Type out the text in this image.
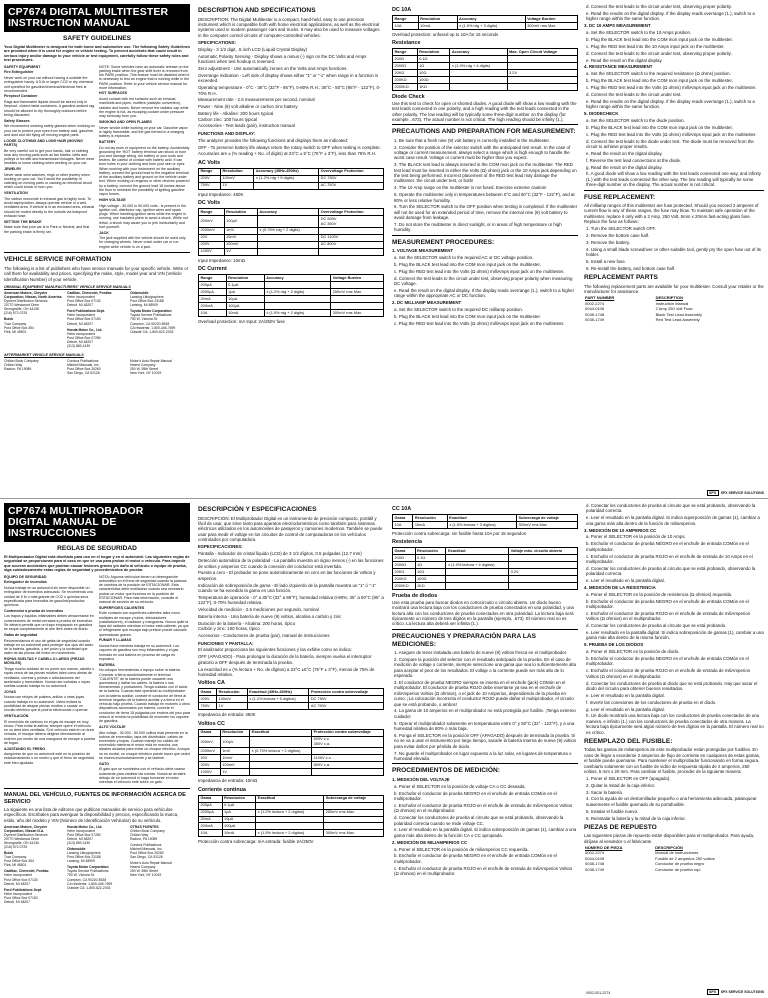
CP7674 DIGITAL MULTITESTER INSTRUCTION MANUAL
SAFETY GUIDELINES

Your Digital Multitester is designed for both home and automotive use. The following Safety Guidelines are provided when it is used for engine or vehicle testing. To prevent accidents that could result in serious injury and/or damage to your vehicle or test equipment, carefully follow these safety rules and test procedures.

SAFETY EQUIPMENT

Fire Extinguisher

Never work on your car without having a suitable fire extinguisher handy. A 5-lb or larger CO2 or dry chemical unit specified for gasoline/chemical/electrical fires is recommended.

Fireproof Container

Rags and flammable liquids should be stored only in fireproof, closed metal containers. A gasoline-soaked rag should be allowed to dry thoroughly outdoors before being discarded.

Safety Glasses

We recommend wearing safety glasses when working on your car to protect your eyes from battery acid, gasoline, and dust and dirt flying off moving engine parts.

LOOSE CLOTHING AND LONG HAIR (MOVING PARTS)

Be very careful not to get your hands, hair or clothing near any moving parts such as fan blades, belts and pulleys or throttle and transmission linkages. Never wear neckties or loose clothing when working on your car.

JEWELRY

Never wear wrist watches, rings or other jewelry when working on your car. You'll avoid the possibility of catching on moving parts or causing an electrical circuit which could shock or burn you.

VENTILATION

The carbon monoxide in exhaust gas is highly toxic. To avoid asphyxiation, always operate vehicle in a well-ventilated area. If vehicle is in an enclosed area, exhaust should be routed directly to the outside via leakproof exhaust hose.

SETTING THE BRAKE

Make sure that your car is in Park or Neutral, and that the parking brake is firmly set.

NOTE: Some vehicles have an automatic release on the parking brake when the gear shift lever is removed from the PARK position. This feature must be disabled when it is necessary to test an engine that is running while in the PARK position. Refer to your vehicle service manual for more information.

HOT SURFACES

Avoid contact with hot surfaces such as exhaust manifolds and pipes, mufflers (catalytic converters), radiator and hoses. Never remove the radiator cap while the engine is hot, as escaping coolant under pressure may seriously burn you.

SMOKING AND OPEN FLAMES

Never smoke while working on your car. Gasoline vapor is highly flammable, and the gas formed in a charging battery is explosive.

BATTERY

Do not lay tools or equipment on the battery. Accidentally grounding the 'HOT' battery terminal can shock or burn you and damage wiring, the battery or your tools and testers. Be careful of contact with battery acid. It can burn holes in your clothing and burn your skin or eyes. When working with your instrument on the auxiliary battery, connect the ground lead to the negative terminal of the auxiliary battery and ground on the vehicle under test. When working on engines or other devices powered by a battery, connect the ground lead 18 inches above the floor to minimize the possibility of igniting gasoline vapor fumes.

HIGH VOLTAGE

High voltage - 30,000 to 50,000 volts - is present in the ignition coil, distributor cap, ignition wires and spark plugs. When handling ignition wires while the engine is running, use insulated pliers to avoid a shock. While not lethal, a shock may cause you to jerk involuntarily and hurt yourself.

JACK

The jack supplied with the vehicle should be used only for changing wheels. Never crawl under car or run engine while vehicle is on a jack.

VEHICLE SERVICE INFORMATION

The following is a list of publishers who have service manuals for your specific vehicle. Write or call them for availability and prices, specifying the make, style, model year and VIN (Vehicle Identification Number) of your vehicle.

ORIGINAL EQUIPMENT MANUFACTURERS' VEHICLE SERVICE MANUALS
American Motors, Chrysler Corporation, Nissan, North America
Dyment Distribution Services
20770 Westwood Drive
Strongsville, OH 44136
(216) 572-0725
Buick
Tuar Company
Post Office Box 354
Flint, MI 48501
Cadillac, Chevrolet, Pontiac
Helm Incorporated
Post Office Box 07130
Detroit, MI 48207
Ford Publications Dept.
Helm Incorporated
Post Office Box 07150
Detroit, MI 48207
Honda Motor Co., Ltd.
Helm Incorporated
Post Office Box 07280
Detroit, MI 48207
(313) 883-1430
Oldsmobile
Lansing Lithographers
Post Office Box 23188
Lansing, MI 48909
Toyota Motor Corporation
Toyota Service Publications
750 W. Victoria St.
Compton, CA 90220-5538
CA residents: 1-800-445-7699
Outside CA: 1-800-622-2033
AFTERMARKET VEHICLE SERVICE MANUALS
Chilton Book Company
Chilton Way
Radnor, PA 19089
Cordura Publications
Mitchell Manuals, Inc.
Post Office Box 26260
San Diego, CA 92126
Motor's Auto Repair Manual
Hearst Company
250 W. 55th Street
New York, NY 10019
DESCRIPTION AND SPECIFICATIONS

DESCRIPTION: The Digital Multitester is a compact, hand-held, easy to use precision instrument which is compatible both with home electrical applications, as well as the electrical systems used in modern passenger cars and trucks. It may also be used to measure voltages in the computer control circuits of computer-controlled vehicles.

SPECIFICATIONS:

Display - 3 1/2 digit, .5 inch LCD (Liquid Crystal Display)

Automatic Polarity Sensing - Display shows a minus (-) sign on the DC Volts and Amps functions when test hookup is reversed.

Zero adjustment - Unit automatically zeroes on the Volts and Amps functions.

Overrange indication - Left side of display shows either "1" or "-1" when range in a function is exceeded.

Operating temperature - 0°C - 35°C (32°F - 95°F), 0-80% R.H.; 35°C - 50°C (95°F - 122°F), 0-70% R.H.

Measurement rate - 2.5 measurements per second, nominal

Power - Nine (9) volt alkaline or carbon zinc battery

Battery life - Alkaline: 200 hours typical
Carbon zinc: 100 hours typical

Accessories - Test leads (pair), instruction manual

FUNCTIONS AND DISPLAY:

The analyzer provides the following functions and displays them as indicated:

OFF - To preserve battery life always return the rotary switch to OFF when testing is complete.

Accuracies are ± (% reading + No. of digits) at 23°C ± 5°C (75°F ± 3°F), less than 75% R.H.

AC Volts
Range	Resolution	Accuracy (45Hz-450Hz)	Overvoltage Protection
200V	100mV	± (1.2% rdg + 5 digits)	DC 750V
750V	1V		AC 750V

Input Impedance: 450K

DC Volts
Range	Resolution	Accuracy	Overvoltage Protection
200mV	100μV		DC 500V
AC 350V
2000mV	1mV	± (0.75% rdg + 2 digits)	
20V	10mV		DC 1100V
200V	100mV		AC 800V
1000V	1V		

Input Impedance: 10mΩ

DC Current
Range	Resolution	Accuracy	Voltage Burden
200μA	0.1μA		
2000μA	1μA	± (1.2% rdg + 2 digits)	250mV rms Max.
20mA	10μA		
200mA	100μA		
10A	10mA	± (1.5% rdg + 2 digits)	300mV rms Max.

Overload protection: mA Input: 2A/250V fuse

DC 10A
Range	Resolution	Accuracy	Voltage Burden
10A	10mA	± (1.5% rdg + 3 digits)	300mV rms Max

Overload protection: unfused up to 10A for 15 seconds

Resistance
Range	Resolution	Accuracy	Max. Open Circuit Voltage
200Ω	0.1Ω		
2000Ω	1Ω	± (1.0% rdg + 4 digits)	
20KΩ	10Ω		3.2V
200KΩ	100Ω		
2000KΩ	1KΩ		
Diode Check

Use this test to check for open or shorted diodes. A good diode will show a low reading with the test leads connected in one polarity, and a high reading with the test leads connected in the other polarity. The low reading will be typically some three-digit number on the display (for example, .673). The actual number is not critical. The high reading should be infinity (1.).

PRECAUTIONS AND PREPARATION FOR MEASUREMENT:

1. Be sure that a fresh nine (9) volt battery is correctly installed in the multitester.

2. Consider the position of the selector switch with the anticipated test result. In the case of voltage or current measurement, always select a range which is high enough to handle the worst case result. Voltage or current must be higher than you expect.

3. The BLACK test lead is always inserted in the COM mon jack on the multitester. The RED test lead must be inserted in either the Volts (Ω) ohms) jack or the 10 Amps jack depending on the test being performed. Incorrect placement of the RED test lead may damage the multitester, the circuit under test, or both!

4. The 10 Amp range on the multitester is not fused. Exercise extreme caution!

5. Operate the multimeter only in temperatures between 0°C and 50°C (32°F - 122°F), and at 80% or less relative humidity.

6. Turn the SELECTOR switch to the OFF position when testing is completed. If the multitester will not be used for an extended period of time, remove the internal nine (9) volt battery to avoid damage from leakage.

7. Do not store the multitester in direct sunlight, or in areas of high temperature or high humidity.

MEASUREMENT PROCEDURES:

1. VOLTAGE MEASUREMENT

a. Set the SELECTOR switch to the required AC or DC voltage position.

b. Plug the BLACK test lead into the COM mon input jack on the multitester.

c. Plug the RED test lead into the Volts (Ω ohms) milliAmps input jack on the multitester.

d. Connect the test leads to the circuit under test, observing proper polarity when measuring DC voltage.

e. Read the result on the digital display. If the display reads overrange (1.), switch to a higher range within the appropriate AC or DC function.

2. DC MILLIAMP MEASUREMENT

a. Set the SELECTOR switch to the required DC milliamp position.

b. Plug the BLACK test lead into the COM mon input jack on the multitester.

c. Plug the RED test lead into the Volts (Ω ohms) milliAmps input jack on the multitester.

d. Connect the test leads to the circuit under test, observing proper polarity.

e. Read the results on the digital display. If the display reads overrange (1.), switch to a higher range within the same function.

3. DC 10 AMPS MEASUREMENT

a. Set the SELECTOR switch to the 10 Amps position.

b. Plug the BLACK test lead into the COM mon input jack on the multitester.

c. Plug the RED test lead into the 10 Amps input jack on the multitester.

d. Connect the test leads to the circuit under test, observing proper polarity.

e. Read the result on the digital display.

4. RESISTANCE MEASUREMENT

a. Set the SELECTOR switch to the required resistance (Ω ohms) position.

b. Plug the BLACK test lead into the COM mon input jack on the multitester.

c. Plug the RED test lead into the Volts (Ω ohms) milliAmps input jack on the multitester.

d. Connect the test leads to the circuit under test.

e. Read the results on the digital display. If the display reads overrange (1.), switch to a higher range within the same function.

5. DIODECHECK

a. Set the SELECTOR switch to the diode position.

b. Plug the BLACK test lead into the COM mon input jack on the multitester.

c. Plug the RED test lead into the Volts (Ω ohms) milliAmps input jack on the multitester.

d. Connect the test leads to the diode under test. The diode must be removed from the circuit to achieve proper results.

e. Read the result on the digital display.

f. Reverse the test lead connections at the diode.

g. Read the result on the digital display.

h. A good diode will show a low reading with the test leads connected one way, and infinity (1.) with the test leads connected the other way. The low reading will typically be some three-digit number on the display. The actual number is not critical.

FUSE REPLACEMENT:

All milliamp ranges of this multitester are fuse protected. Should you exceed 2 amperes of current flow in any of these ranges, the fuse may blow. To maintain safe operation of the multitester, replace it only with a 2 Amp, 250 Volt, 5mm x 20mm fast-acting glass fuse. Replace the fuse as follows:

1. Turn the SELECTOR switch OFF.

2. Remove the bottom case half.

3. Remove the battery.

4. Using a small blade screwdriver or other suitable tool, gently pry the open fuse out of its holder.

5. Install a new fuse.

6. Re-install the battery, and bottom case half.

REPLACEMENT PARTS

The following replacement parts are available for your multitester. Consult your retailer or the manufacturer for assistance.

PART NUMBER	DESCRIPTION
0002-2274	Instruction Manual
0044-0108	2 Amp 250 Volt Fuse
0038-1748	Black Test Lead Assembly
0038-1749	Red Test Lead Assembly
SPX	SPX SERVICE SOLUTIONS
CP7674 MULTIPROBADOR DIGITAL MANUAL DE INSTRUCCIONES
REGLAS DE SEGURIDAD

El Multiprobador Digital está diseñado para uso en el hogar y en el automóvil. Las siguientes reglas de seguridad se proporcionan para el caso en que se usa para probar el motor o vehículo. Para impedir que ocurran accidentes que podrían causar lesiones graves y/o daño al vehículo o equipo de prueba, siga cuidadosamente estas reglas de seguridad y procedimientos de prueba.

EQUIPO DE SEGURIDAD

Extinguidor de incendios

Nunca trabaje en su automóvil sin tener disponible un extinguidor de incendios adecuado. Se recomienda una unidad de 5 lb o más grande de CO2 o química seca especificada para incendios de gasolina/productos químicos.

Contenedor a prueba de incendios

Los trapos y líquidos inflamables deben almacenarse en contenedores de metal cerrados a prueba de incendios. Se deberá permitir que un trapo empapado en gasolina se seque completamente al aire libre antes de tirarlo.

Gafas de seguridad

Recomendamos el uso de gafas de seguridad cuando trabaje en su automóvil para proteger sus ojos del ácido de la batería, gasolina, y del polvo y la suciedad que salen de las piezas del motor en movimiento.

ROPAS SUELTAS Y CABELLO LARGO (PIEZAS MÓVILES)

Tenga mucho cuidado de no poner sus manos, cabello o ropas cerca de las piezas móviles tales como aletas de ventilador, correas y poleas o articulaciones del acelerador y transmisión. Nunca use corbatas o ropas sueltas cuando trabaja en su automóvil.

JOYAS

Nunca use relojes de pulsera, anillos u otras joyas cuando trabaja en su automóvil. Usted evitará la posibilidad de atrapar piezas móviles o causar un circuito eléctrico que le podría electrocutar o quemar.

VENTILACIÓN

El monóxido de carbono en el gas de escape es muy tóxico. Para evitar la asfixia, siempre opere el vehículo en un área bien ventilada. Si el vehículo está en un área cerrada, el escape deberá dirigirse directamente al exterior por medio de una manguera de escape a prueba de fugas.

AJUSTANDO EL FRENO

Asegúrese de que su automóvil esté en la posición de estacionamiento o en neutro y que el freno de seguridad esté bien ajustado.

NOTA: Algunos vehículos tienen un desenganche automático en el freno de seguridad cuando la palanca de cambios de la posición de ESTACIONAR. Esta característica debe inutilizarse cuando sea necesario probar un motor que funciona en la posición de ESTACIONAR. Para más información, consulte el manual de servicio de su vehículo.

SUPERFICIES CALIENTES

Evite contacto con superficies calientes tales como múltiples de escape y tubos, silenciadores (catalizadores), el radiador y mangueras. Nunca quite la tapa del radiador mientras el motor está caliente, ya que el refrigerante que escapa bajo presión puede causarle quemaduras graves.

FUMAR Y LLAMAS

Nunca fume mientras trabaja en su automóvil. Los vapores de gasolina son muy inflamables y el gas formado en una batería en proceso de carga es explosivo.

BATERÍA

No coloque herramientas o equipo sobre la batería. Conectar a tierra accidentalmente el terminal "CALIENTE" de la batería puede causarle una quemadura y dañar los cables, la batería o sus herramientas y probadores. Tenga cuidado con el ácido de la batería. Cuando esté operando su multiprobador con la batería auxiliar, conecte el conductor de tierra al terminal negativo de la batería auxiliar y a tierra en el vehículo bajo prueba. Cuando trabaja en motores u otros dispositivos accionados por batería, conecte el conductor de tierra 18 pulgadas por encima del piso para reducir al mínimo la posibilidad de encender los vapores de gasolina.

ALTO VOLTAJE

Alto voltaje - 30.000 - 50.000 voltios está presente en la bobina de encendido, tapa del distribuidor, cables de encendido y bujías. Cuando maneje los cables de encendido mientras el motor está en marcha, use alicates aislados para evitar un choque eléctrico. Aunque no es mortal, un choque eléctrico puede hacer que usted se mueva involuntariamente y se lastime.

GATO

El gato que se suministra con el vehículo debe usarse solamente para cambiar las ruedas. Nunca se arrastre debajo de un automóvil ni haga funcionar el motor mientras el vehículo esté sobre un gato.

MANUAL DEL VEHÍCULO, FUENTES DE INFORMACIÓN ACERCA DE SERVICIO

La siguiente es una lista de editores que publican manuales de servicio para vehículos específicos. Escríbales para averiguar la disponibilidad y precios, especificando la marca, estilo, año del modelo y VIN (Número de Identificación Vehicular) de su vehículo.

American Motors, Chrysler Corporation, Nissan N.A.
Dyment Distribution Services
20770 Westwood Drive
Strongsville, OH 44136
(216) 572-0725
Buick
Tuar Company
Post Office Box 354
Flint, MI 48501
Cadillac, Chevrolet, Pontiac
Helm Incorporated
Post Office Box 07130
Detroit, MI 48207
Ford Publications Dept.
Helm Incorporated
Post Office Box 07150
Detroit, MI 48207
Honda Motor Co., Ltd.
Helm Incorporated
Post Office Box 07280
Detroit, MI 48207
(313) 883-1430
Oldsmobile
Lansing Lithographers
Post Office Box 23188
Lansing, MI 48909
Toyota Motor Corporation
Toyota Service Publications
750 W. Victoria St.
Compton, CA 90220-5538
CA residents: 1-800-445-7699
Outside CA: 1-800-622-2033
OTRAS FUENTES
Chilton Book Company
Chilton Way
Radnor, PA 19089
Cordura Publications
Mitchell Manuals, Inc.
Post Office Box 26260
San Diego, CA 92126
Motor's Auto Repair Manual
Hearst Company
250 W. 55th Street
New York, NY 10019
DESCRIPCIÓN Y ESPECIFICACIONES

DESCRIPCIÓN: El Multiprobador Digital es un instrumento de precisión compacto, portátil y fácil de usar, que sirve tanto para aparatos electrodomésticos como también para sistemas eléctricos utilizados en los automóviles de pasajeros y camiones modernos. También se puede usar para medir el voltaje en los circuitos de control de computadoras en los vehículos controlados por computadora.

ESPECIFICACIONES:

Pantalla - Indicador de cristal líquido (LCD) de 3 1/2 dígitos, 0.5 pulgadas (12.7 mm)

Detección automática de la polaridad - La pantalla muestra un signo menos (-) en las funciones de voltios y amperios CC cuando la conexión del conductor está invertida.

Puesta a cero - El probador se pone automáticamente en cero en las funciones de voltios y amperios.

Indicación de sobreposición de gama - El lado izquierdo de la pantalla muestra un "1" ó "-1" cuando se ha excedido la gama en una función.

Temperatura de operación - 0° a 35°C (32° a 95°F), humedad relativa 0-80%; 35° a 50°C (95° a 122°F), 0-70% humedad relativa.

Velocidad de medición - 2.5 mediciones por segundo, nominal

Batería interna - Una batería de nueve (9) voltios, alcalina o carbón y zinc

Duración de la batería - Alcalina: 200 horas, típico
Carbón y zinc: 100 horas, típico

Accesorios - Conductores de prueba (par), manual de instrucciones

FUNCIONES Y PANTALLA:

El analizador proporciona las siguientes funciones y las exhibe como se indica:

OFF (APAGADO) - Para prolongar la duración de la batería, siempre vuelva el interruptor giratorio a OFF después de terminada la prueba.

La exactitud es ± (% lectura + No. de dígitos) a 23°C ±5°C (75°F ± 3°F), menos de 75% de humedad relativa.

Voltios CA
Gama	Resolución	Exactitud (45Hz-450Hz)	Protección contra sobrevoltaje
200V	100mV	± (1.2% lectura + 5 dígitos)	DC 750V
750V	1V		AC 750V

Impedancia de entrada: 450K

Voltios CC
Gama	Resolución	Exactitud	Protección contra sobrevoltaje
200mV	100μV		500V c.c.
350V c.a.
2000mV	1mV	± (0.75% lectura + 2 dígitos)	
20V	10mV		1100V c.c.
200V	100mV		800V c.a.
1000V	1V		

Impedancia de entrada: 10mΩ

Corriente continua
Gama	Resolución	Exactitud	Sobrecarga de voltaje
200μA	0.1μA		
2000μA	1μA	± (1.2% lectura + 2 dígitos)	250mV rms Max.
20mA	10μA		
200mA	100μA		
10A	10mA	± (1.5% lectura + 2 dígitos)	300mV rms Max.

Protección contra sobrecarga: mA entrada: fusible 2A/250V

CC 10A
Gama	Resolución	Exactitud	Sobrecarga de voltaje
10A	10mA	± (1.5% lectura + 3 dígitos)	300mV rms Max

Protección contra sobrecarga: sin fusible hasta 10A por 15 segundos

Resistencia
Gama	Resolución	Exactitud	Voltaje máx. circuito abierto
200Ω	0.1Ω		
2000Ω	1Ω	± (1.0% lectura + 4 dígitos)	
20KΩ	10Ω		3.2V
200KΩ	100Ω		
2000KΩ	1KΩ		
Prueba de diodos

Use esta prueba para buscar diodos en cortocircuito o circuito abierto. Un diodo bueno mostrará una lectura baja con los conductores de prueba conectados en una polaridad, y una lectura alta con los conductores de prueba conectados en otra polaridad. La lectura baja será típicamente un número de tres dígitos en la pantalla (ejemplo, .673). El número real no es crítico. La lectura alta deberá ser infinita (1.).

PRECAUCIONES Y PREPARACIÓN PARA LAS MEDICIONES:

1. Asegure de tener instalada una batería de nueve (9) voltios fresca en el multiprobador.

2. Compare la posición del selector con el resultado anticipado de la prueba. En el caso de medición de voltaje o corriente, siempre seleccione una gama que sea lo suficientemente alta para aceptar el peor de los resultados. El voltaje o la corriente puede ser más alto de lo esperado.

3. El conductor de prueba NEGRO siempre se inserta en el enchufe (jack) COMún en el multiprobador. El conductor de prueba ROJO debe insertarse ya sea en el enchufe de miliAmperios Voltios (Ω ohmios), o el jack de 10 Amperios, dependiendo de la prueba en curso. ¡La colocación incorrecta el conductor ROJO puede dañar el multiprobador, el circuito que se está probando, o ambos!

4. La gama de 10 amperios en el multiprobador no está protegida por fusible. ¡Tenga extremo cuidado!

5. Operar el multiprobador solamente en temperaturas entre 0° y 50°C (32° - 122°F), y a una humedad relativa de 80% o más baja.

6. Ponga el SELECTOR en la posición OFF (APAGADO) después de terminada la prueba. Si no se va a usar el instrumento por largo tiempo, sacarle la batería interna de nueve (9) voltios para evitar daños por pérdida de ácido.

7. No guarde el multiprobador en lugar expuesto a la luz solar, en lugares de temperatura o humedad elevada.

PROCEDIMIENTOS DE MEDICIÓN:

1. MEDICIÓN DEL VOLTAJE

a. Poner el SELECTOR en la posición de voltaje CA o CC deseada.

b. Enchufar el conductor de prueba NEGRO en el enchufe de entrada COMún en el multiprobador.

c. Enchufar el conductor de prueba ROJO en el enchufe de entrada de miliAmperios Voltios (Ω ohmios) en el multiprobador.

d. Conectar los conductores de prueba al circuito que se está probando, observando la polaridad correcta cuando se mide voltaje CC.

e. Leer el resultado en la pantalla digital. Si indica sobreposición de gamas (1), cambiar a una gama más alta dentro de la función CA o CC apropiada.

2. MEDICIÓN DE MILIAMPERIOS CC

a. Poner el SELECTOR en la posición de miliamperios CC requerida.

b. Enchufar el conductor de prueba NEGRO en el enchufe de entrada COMún en el multiprobador.

c. Enchufar el conductor de prueba ROJO en el enchufe de entrada de miliAmperios Voltios (Ω ohmios) en el multiprobador.

d. Conectar los conductores de prueba al circuito que se está probando, observando la polaridad correcta.

e. Leer el resultado en la pantalla digital. Si indica superposición de gamas (1), cambiar a una gama más alta dentro de la función de miliamperios.

3. MEDICIÓN DE 10 AMPERIOS CC

a. Poner el SELECTOR en la posición de 10 Amps.

b. Enchufar el conductor de prueba NEGRO en el enchufe de entrada COMún en el multiprobador.

c. Enchufar el conductor de prueba ROJO en el enchufe de entrada de 10 Amps en el multiprobador.

d. Conectar los conductores de prueba al circuito que se está probando, observando la polaridad correcta.

e. Leer el resultado en la pantalla digital.

4. MEDICIÓN DE LA RESISTENCIA

a. Poner el SELECTOR en la posición de resistencia (Ω ohmios) requerida.

b. Enchufar el conductor de prueba NEGRO en el enchufe de entrada COMún en el multiprobador.

c. Enchufar el conductor de prueba ROJO en el enchufe de entrada de miliAmperios Voltios (Ω ohmios) en el multiprobador.

d. Conectar los conductores de prueba al circuito que se está probando.

e. Leer resultado en la pantalla digital. Si indica sobreposición de gamas (1), cambiar a una gama más alta dentro de la misma función.

5. PRUEBA DE LOS DIODOS

a. Poner el SELECTOR en la posición de diodo.

b. Enchufar el conductor de prueba NEGRO en el enchufe de entrada COMún en el multiprobador.

c. Enchufar el conductor de prueba ROJO en el enchufe de entrada de miliAmperios Voltios (Ω ohmios) en el multiprobador.

d. Conectar los conductores de prueba al diodo que se está probando. Hay que sacar el diodo del circuito para obtener buenos resultados.

e. Leer el resultado en la pantalla digital.

f. Invertir las conexiones de los conductores de prueba en el diodo.

g. Leer el resultado en la pantalla digital.

h. Un diodo mostrará una lectura baja con los conductores de prueba conectados de una manera, e infinito (1.) con los conductores de prueba conectados de otra manera. La lectura baja típicamente será algún número de tres dígitos en la pantalla. El número real no es crítico.

REEMPLAZO DEL FUSIBLE:

Todas las gamas de miliamperios de este multiprobador están protegidas por fusibles. En caso de llegar a excederse 2 amperios de flujo de corriente en cualquiera de estas gamas, el fusible puede quemarse. Para mantener el multiprobador funcionando en forma segura, cambiarlo solamente con un fusible de vidrio de respuesta rápida de 2 amperios, 250 voltios, 5 mm x 20 mm. Para cambiar el fusible, proceder de la siguiente manera:

1. Poner el SELECTOR en OFF (apagado).

2. Quitar la mitad de la caja inferior.

3. Sacar la batería.

4. Con la ayuda de un destornillador pequeño o una herramienta adecuada, palanquear suavemente el fusible quemado de su portafusible.

5. Instalar el fusible nuevo.

6. Reinstalar la batería y la mitad de la caja inferior.

PIEZAS DE REPUESTO

Las siguientes piezas de repuesto están disponibles para el multiprobador. Para ayuda, diríjase al vendedor o el fabricante.

NÚMERO DE PIEZA	DESCRIPCIÓN
0002-2274	Manual de instrucciones
0044-0108	Fusible de 2 amperios 250 voltios
0038-1748	Conductor de prueba negro
0038-1749	Conductor de prueba rojo
0002-001-2274	SPX	SPX SERVICE SOLUTIONS
